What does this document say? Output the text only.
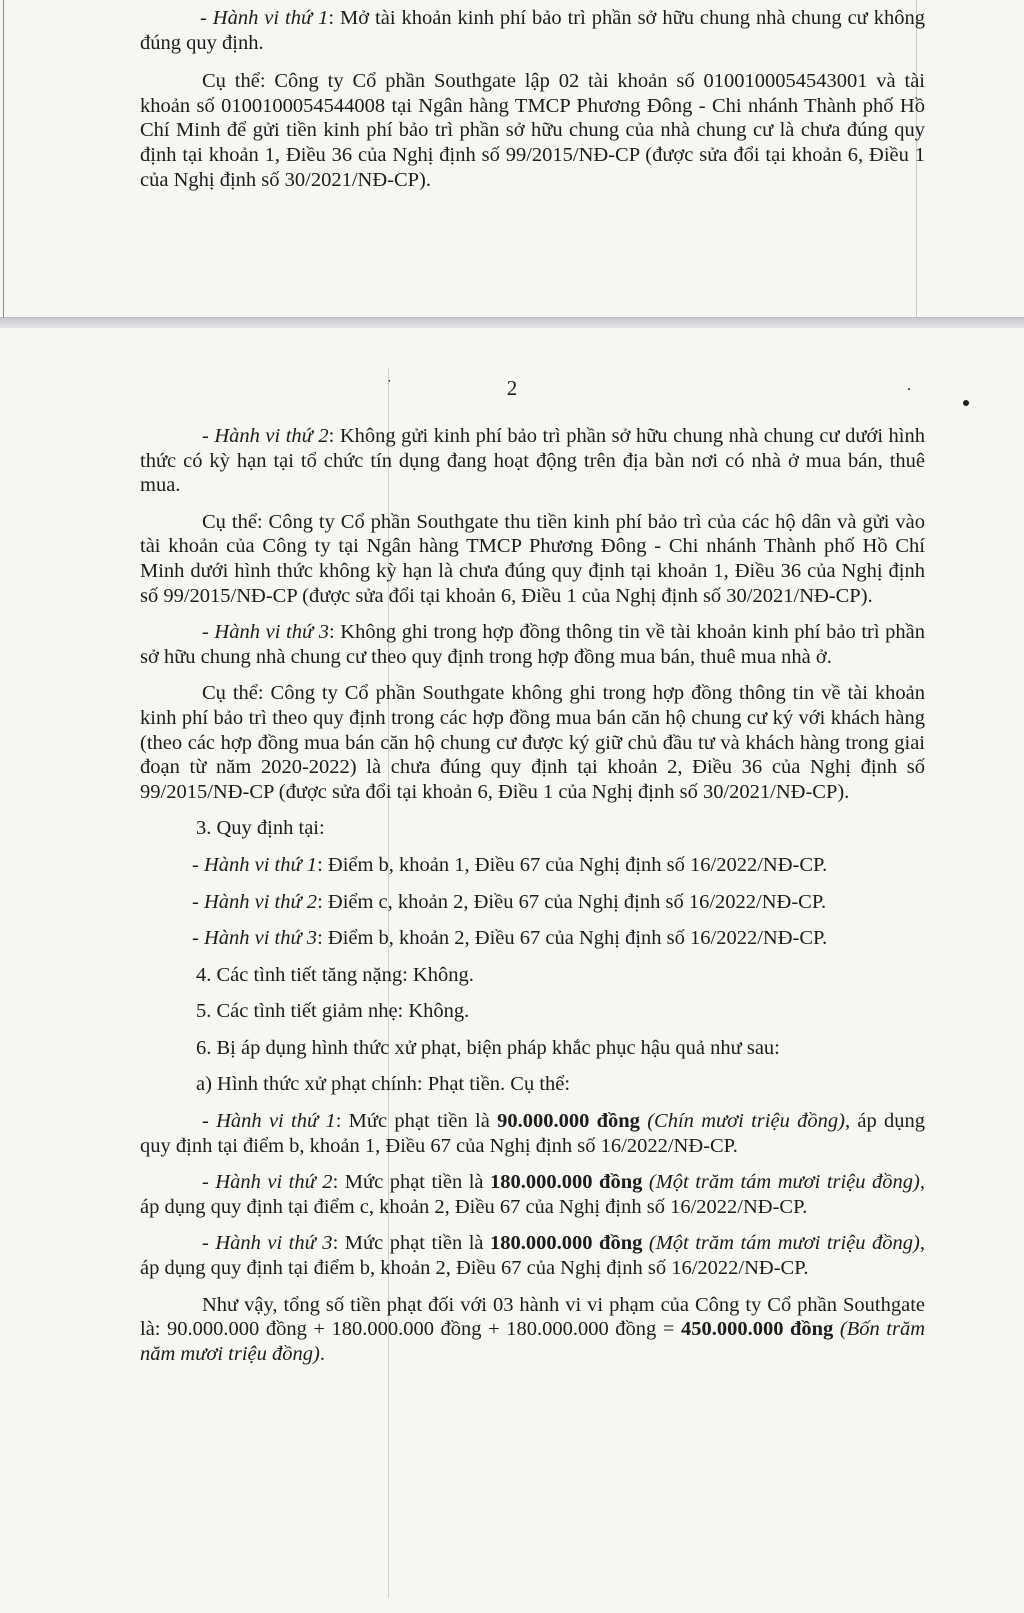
- Hành vi thứ 1: Mở tài khoản kinh phí bảo trì phần sở hữu chung nhà chung cư không đúng quy định.

Cụ thể: Công ty Cổ phần Southgate lập 02 tài khoản số 0100100054543001 và tài khoản số 0100100054544008 tại Ngân hàng TMCP Phương Đông - Chi nhánh Thành phố Hồ Chí Minh để gửi tiền kinh phí bảo trì phần sở hữu chung của nhà chung cư là chưa đúng quy định tại khoản 1, Điều 36 của Nghị định số 99/2015/NĐ-CP (được sửa đổi tại khoản 6, Điều 1 của Nghị định số 30/2021/NĐ-CP).

2

- Hành vi thứ 2: Không gửi kinh phí bảo trì phần sở hữu chung nhà chung cư dưới hình thức có kỳ hạn tại tổ chức tín dụng đang hoạt động trên địa bàn nơi có nhà ở mua bán, thuê mua.

Cụ thể: Công ty Cổ phần Southgate thu tiền kinh phí bảo trì của các hộ dân và gửi vào tài khoản của Công ty tại Ngân hàng TMCP Phương Đông - Chi nhánh Thành phố Hồ Chí Minh dưới hình thức không kỳ hạn là chưa đúng quy định tại khoản 1, Điều 36 của Nghị định số 99/2015/NĐ-CP (được sửa đổi tại khoản 6, Điều 1 của Nghị định số 30/2021/NĐ-CP).

- Hành vi thứ 3: Không ghi trong hợp đồng thông tin về tài khoản kinh phí bảo trì phần sở hữu chung nhà chung cư theo quy định trong hợp đồng mua bán, thuê mua nhà ở.

Cụ thể: Công ty Cổ phần Southgate không ghi trong hợp đồng thông tin về tài khoản kinh phí bảo trì theo quy định trong các hợp đồng mua bán căn hộ chung cư ký với khách hàng (theo các hợp đồng mua bán căn hộ chung cư được ký giữ chủ đầu tư và khách hàng trong giai đoạn từ năm 2020-2022) là chưa đúng quy định tại khoản 2, Điều 36 của Nghị định số 99/2015/NĐ-CP (được sửa đổi tại khoản 6, Điều 1 của Nghị định số 30/2021/NĐ-CP).

3. Quy định tại:

- Hành vi thứ 1: Điểm b, khoản 1, Điều 67 của Nghị định số 16/2022/NĐ-CP.

- Hành vi thứ 2: Điểm c, khoản 2, Điều 67 của Nghị định số 16/2022/NĐ-CP.

- Hành vi thứ 3: Điểm b, khoản 2, Điều 67 của Nghị định số 16/2022/NĐ-CP.

4. Các tình tiết tăng nặng: Không.

5. Các tình tiết giảm nhẹ: Không.

6. Bị áp dụng hình thức xử phạt, biện pháp khắc phục hậu quả như sau:

a) Hình thức xử phạt chính: Phạt tiền. Cụ thể:

- Hành vi thứ 1: Mức phạt tiền là 90.000.000 đồng (Chín mươi triệu đồng), áp dụng quy định tại điểm b, khoản 1, Điều 67 của Nghị định số 16/2022/NĐ-CP.

- Hành vi thứ 2: Mức phạt tiền là 180.000.000 đồng (Một trăm tám mươi triệu đồng), áp dụng quy định tại điểm c, khoản 2, Điều 67 của Nghị định số 16/2022/NĐ-CP.

- Hành vi thứ 3: Mức phạt tiền là 180.000.000 đồng (Một trăm tám mươi triệu đồng), áp dụng quy định tại điểm b, khoản 2, Điều 67 của Nghị định số 16/2022/NĐ-CP.

Như vậy, tổng số tiền phạt đối với 03 hành vi vi phạm của Công ty Cổ phần Southgate là: 90.000.000 đồng + 180.000.000 đồng + 180.000.000 đồng = 450.000.000 đồng (Bốn trăm năm mươi triệu đồng).
